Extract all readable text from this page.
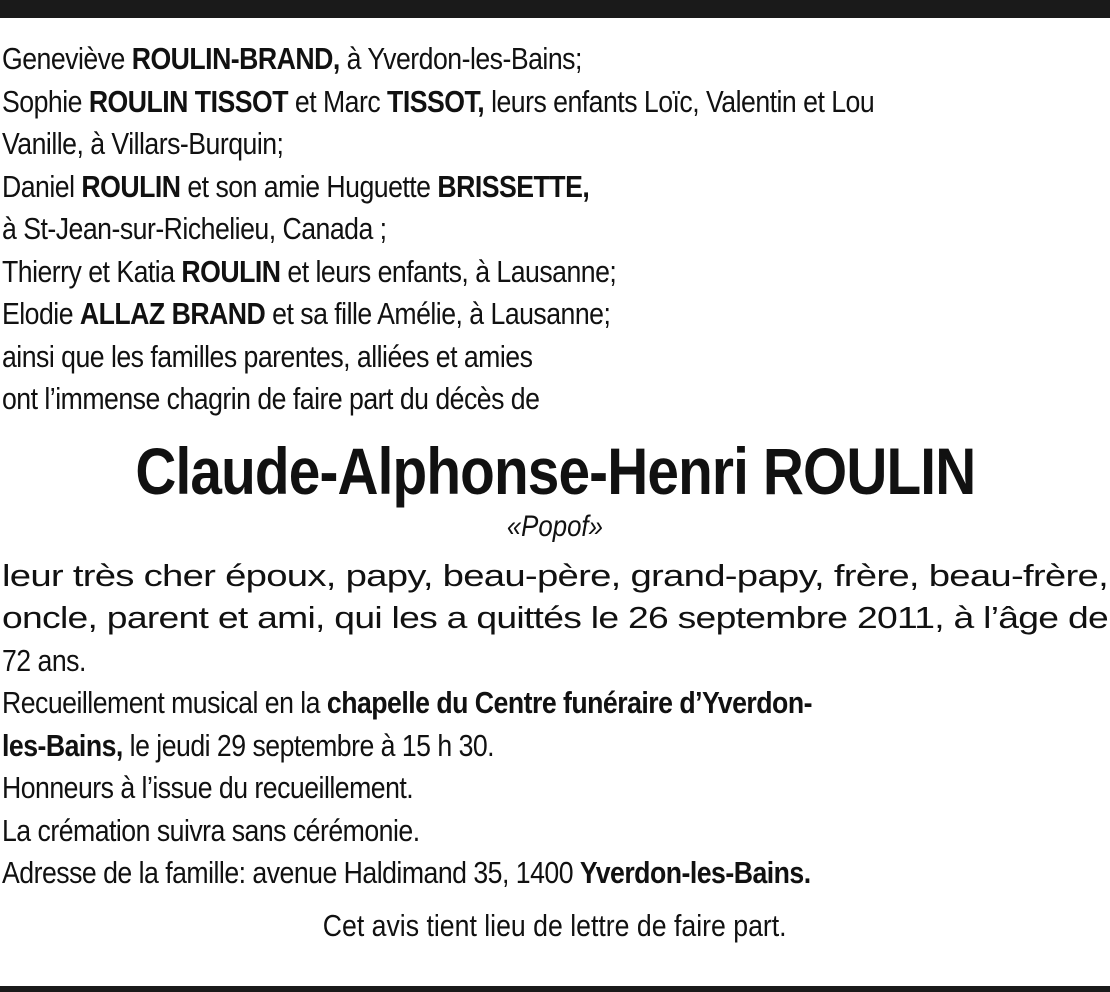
Geneviève ROULIN-BRAND, à Yverdon-les-Bains;
Sophie ROULIN TISSOT et Marc TISSOT, leurs enfants Loïc, Valentin et Lou
Vanille, à Villars-Burquin;
Daniel ROULIN et son amie Huguette BRISSETTE,
à St-Jean-sur-Richelieu, Canada ;
Thierry et Katia ROULIN et leurs enfants, à Lausanne;
Elodie ALLAZ BRAND et sa fille Amélie, à Lausanne;
ainsi que les familles parentes, alliées et amies
ont l’immense chagrin de faire part du décès de
Claude-Alphonse-Henri ROULIN
«Popof»
leur très cher époux, papy, beau-père, grand-papy, frère, beau-frère,
oncle, parent et ami, qui les a quittés le 26 septembre 2011, à l’âge de
72 ans.
Recueillement musical en la chapelle du Centre funéraire d’Yverdon-
les-Bains, le jeudi 29 septembre à 15 h 30.
Honneurs à l’issue du recueillement.
La crémation suivra sans cérémonie.
Adresse de la famille: avenue Haldimand 35, 1400 Yverdon-les-Bains.
Cet avis tient lieu de lettre de faire part.
